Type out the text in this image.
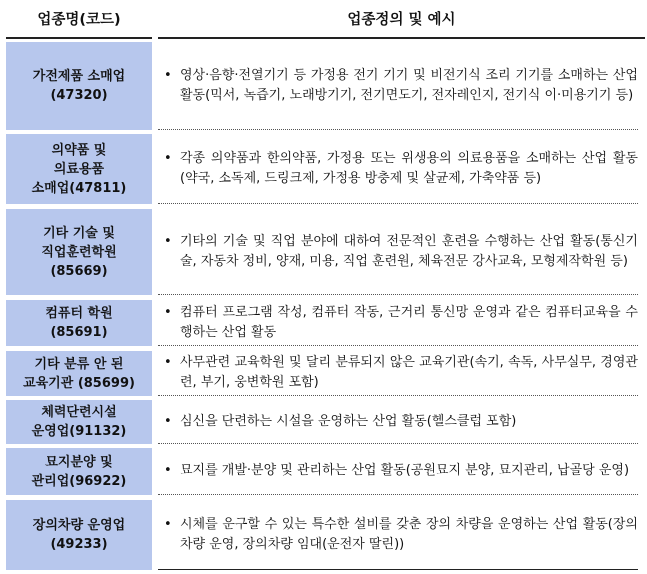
업종명(코드)	업종정의 및 예시
가전제품 소매업
(47320)
• 영상·음향·전열기기 등 가정용 전기 기기 및 비전기식 조리 기기를 소매하는 산업 활동(믹서, 녹즙기, 노래방기기, 전기면도기, 전자레인지, 전기식 이·미용기기 등)
의약품 및
의료용품
소매업(47811)
• 각종 의약품과 한의약품, 가정용 또는 위생용의 의료용품을 소매하는 산업 활동(약국, 소독제, 드링크제, 가정용 방충제 및 살균제, 가축약품 등)
기타 기술 및
직업훈련학원
(85669)
• 기타의 기술 및 직업 분야에 대하여 전문적인 훈련을 수행하는 산업 활동(통신기술, 자동차 정비, 양재, 미용, 직업 훈련원, 체육전문 강사교육, 모형제작학원 등)
컴퓨터 학원
(85691)
• 컴퓨터 프로그램 작성, 컴퓨터 작동, 근거리 통신망 운영과 같은 컴퓨터교육을 수행하는 산업 활동
기타 분류 안 된
교육기관 (85699)
• 사무관련 교육학원 및 달리 분류되지 않은 교육기관(속기, 속독, 사무실무, 경영관련, 부기, 웅변학원 포함)
체력단련시설
운영업(91132)
• 심신을 단련하는 시설을 운영하는 산업 활동(헬스클럽 포함)
묘지분양 및
관리업(96922)
• 묘지를 개발·분양 및 관리하는 산업 활동(공원묘지 분양, 묘지관리, 납골당 운영)
장의차량 운영업
(49233)
• 시체를 운구할 수 있는 특수한 설비를 갖춘 장의 차량을 운영하는 산업 활동(장의차량 운영, 장의차량 임대(운전자 딸린))
